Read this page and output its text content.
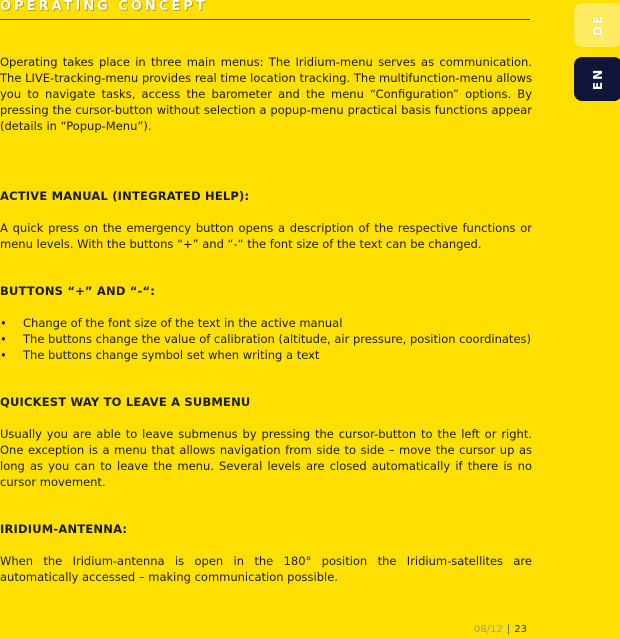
OPERATING CONCEPT
DE
EN

Operating takes place in three main menus: The Iridium-menu serves as communication. The LIVE-tracking-menu provides real time location tracking. The multifunction-menu allows you to navigate tasks, access the barometer and the menu “Configuration” options. By pressing the cursor-button without selection a popup-menu practical basis functions appear (details in “Popup-Menu”).

ACTIVE MANUAL (INTEGRATED HELP):

A quick press on the emergency button opens a description of the respective functions or menu levels. With the buttons “+” and “-“ the font size of the text can be changed.

BUTTONS “+” AND “-“:

• Change of the font size of the text in the active manual
• The buttons change the value of calibration (altitude, air pressure, position coordinates)
• The buttons change symbol set when writing a text

QUICKEST WAY TO LEAVE A SUBMENU

Usually you are able to leave submenus by pressing the cursor-button to the left or right. One exception is a menu that allows navigation from side to side – move the cursor up as long as you can to leave the menu. Several levels are closed automatically if there is no cursor movement.

IRIDIUM-ANTENNA:

When the Iridium-antenna is open in the 180° position the Iridium-satellites are automatically accessed – making communication possible.

08/12 | 23
